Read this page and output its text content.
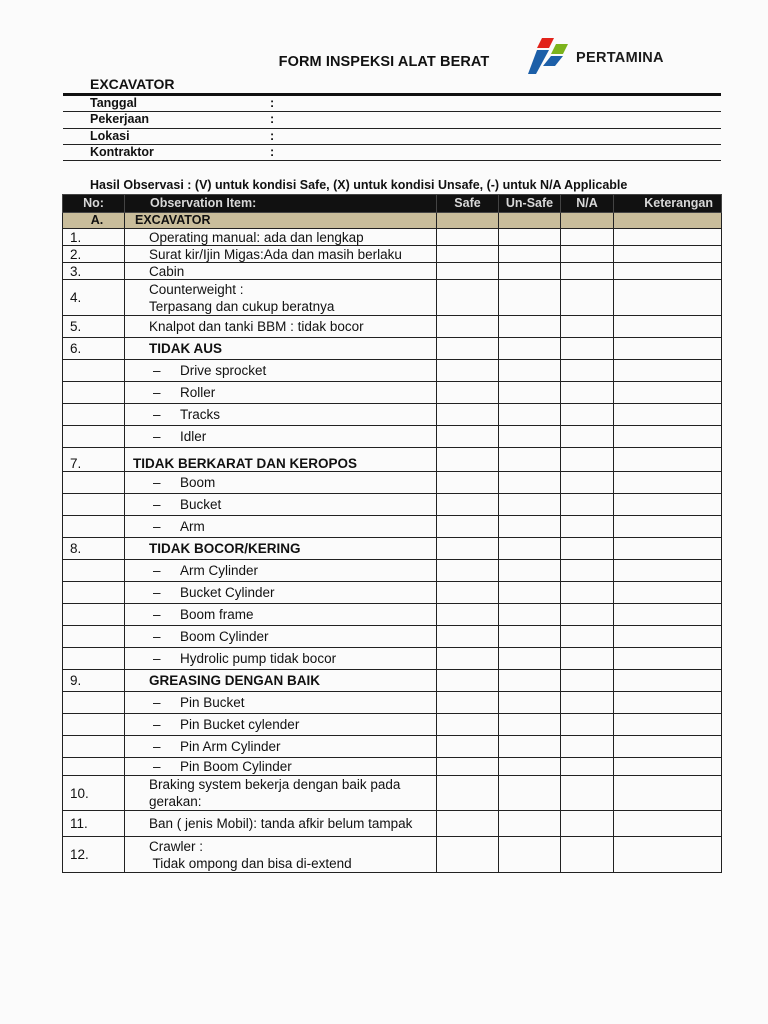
FORM INSPEKSI ALAT BERAT	PERTAMINA
EXCAVATOR
Tanggal	:	
Pekerjaan	:	
Lokasi	:	
Kontraktor	:	
Hasil Observasi : (V) untuk kondisi Safe, (X) untuk kondisi Unsafe, (-) untuk N/A Applicable
No:	Observation Item:	Safe	Un-Safe	N/A	Keterangan
A.	EXCAVATOR				
1.	Operating manual: ada dan lengkap				
2.	Surat kir/Ijin Migas:Ada dan masih berlaku				
3.	Cabin				
4.	Counterweight :
Terpasang dan cukup beratnya				

5.	Knalpot dan tanki BBM : tidak bocor				
6.	TIDAK AUS				
	– Drive sprocket				
	– Roller				
	– Tracks				
	– Idler				
7.	TIDAK BERKARAT DAN KEROPOS				
	– Boom				
	– Bucket				
	– Arm				
8.	TIDAK BOCOR/KERING				
	– Arm Cylinder				
	– Bucket Cylinder				
	– Boom frame				
	– Boom Cylinder				
	– Hydrolic pump tidak bocor				
9.	GREASING DENGAN BAIK				
	– Pin Bucket				
	– Pin Bucket cylender				
	– Pin Arm Cylinder				
	– Pin Boom Cylinder				
10.	Braking system bekerja dengan baik pada
gerakan:				

11.	Ban ( jenis Mobil): tanda afkir belum tampak				
12.	Crawler :
Tidak ompong dan bisa di-extend				
